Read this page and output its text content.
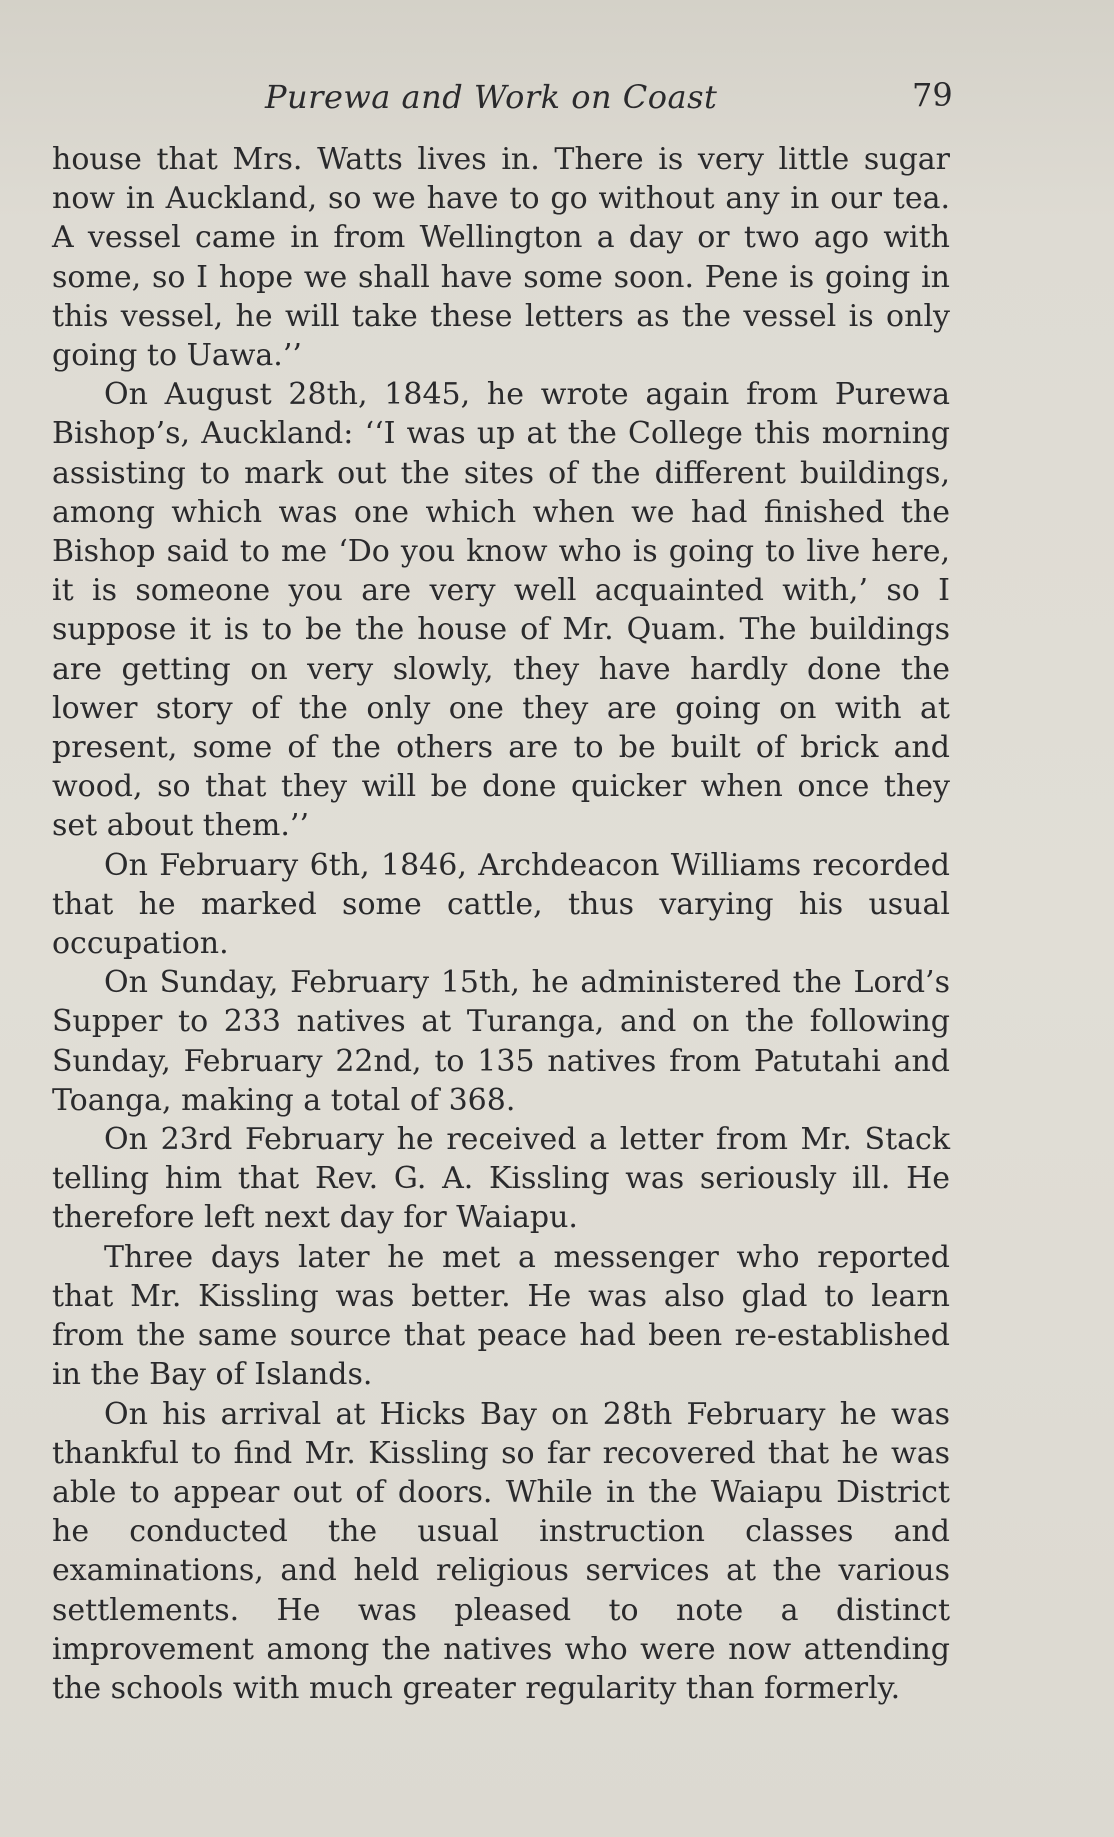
Purewa and Work on Coast	79

house that Mrs. Watts lives in. There is very little sugar now in Auckland, so we have to go without any in our tea. A vessel came in from Wellington a day or two ago with some, so I hope we shall have some soon. Pene is going in this vessel, he will take these letters as the vessel is only going to Uawa.’’

On August 28th, 1845, he wrote again from Purewa Bishop’s, Auckland: ‘‘I was up at the College this morning assisting to mark out the sites of the different buildings, among which was one which when we had finished the Bishop said to me ‘Do you know who is going to live here, it is someone you are very well acquainted with,’ so I suppose it is to be the house of Mr. Quam. The buildings are getting on very slowly, they have hardly done the lower story of the only one they are going on with at present, some of the others are to be built of brick and wood, so that they will be done quicker when once they set about them.’’

On February 6th, 1846, Archdeacon Williams recorded that he marked some cattle, thus varying his usual occupation.

On Sunday, February 15th, he administered the Lord’s Supper to 233 natives at Turanga, and on the following Sunday, February 22nd, to 135 natives from Patutahi and Toanga, making a total of 368.

On 23rd February he received a letter from Mr. Stack telling him that Rev. G. A. Kissling was seriously ill. He therefore left next day for Waiapu.

Three days later he met a messenger who reported that Mr. Kissling was better. He was also glad to learn from the same source that peace had been re-established in the Bay of Islands.

On his arrival at Hicks Bay on 28th February he was thankful to find Mr. Kissling so far recovered that he was able to appear out of doors. While in the Waiapu District he conducted the usual instruction classes and examinations, and held religious services at the various settlements. He was pleased to note a distinct improvement among the natives who were now attending the schools with much greater regularity than formerly.
